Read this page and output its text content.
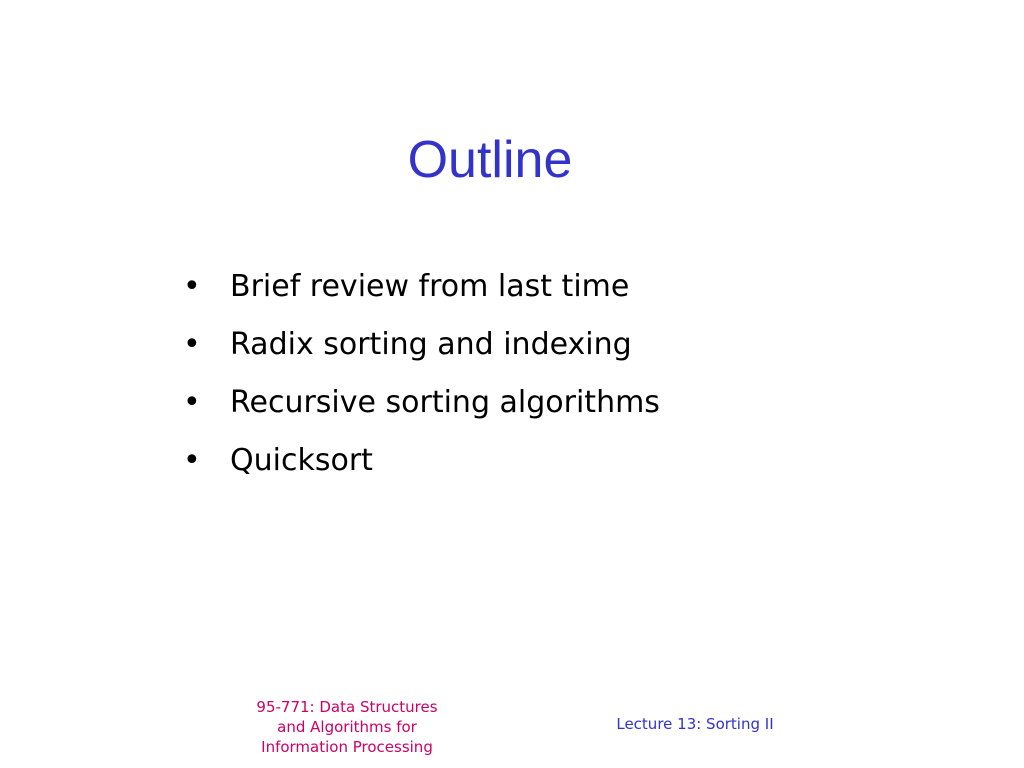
Outline
• Brief review from last time
• Radix sorting and indexing
• Recursive sorting algorithms
• Quicksort
95-771: Data Structures
and Algorithms for
Information Processing
Lecture 13: Sorting II
